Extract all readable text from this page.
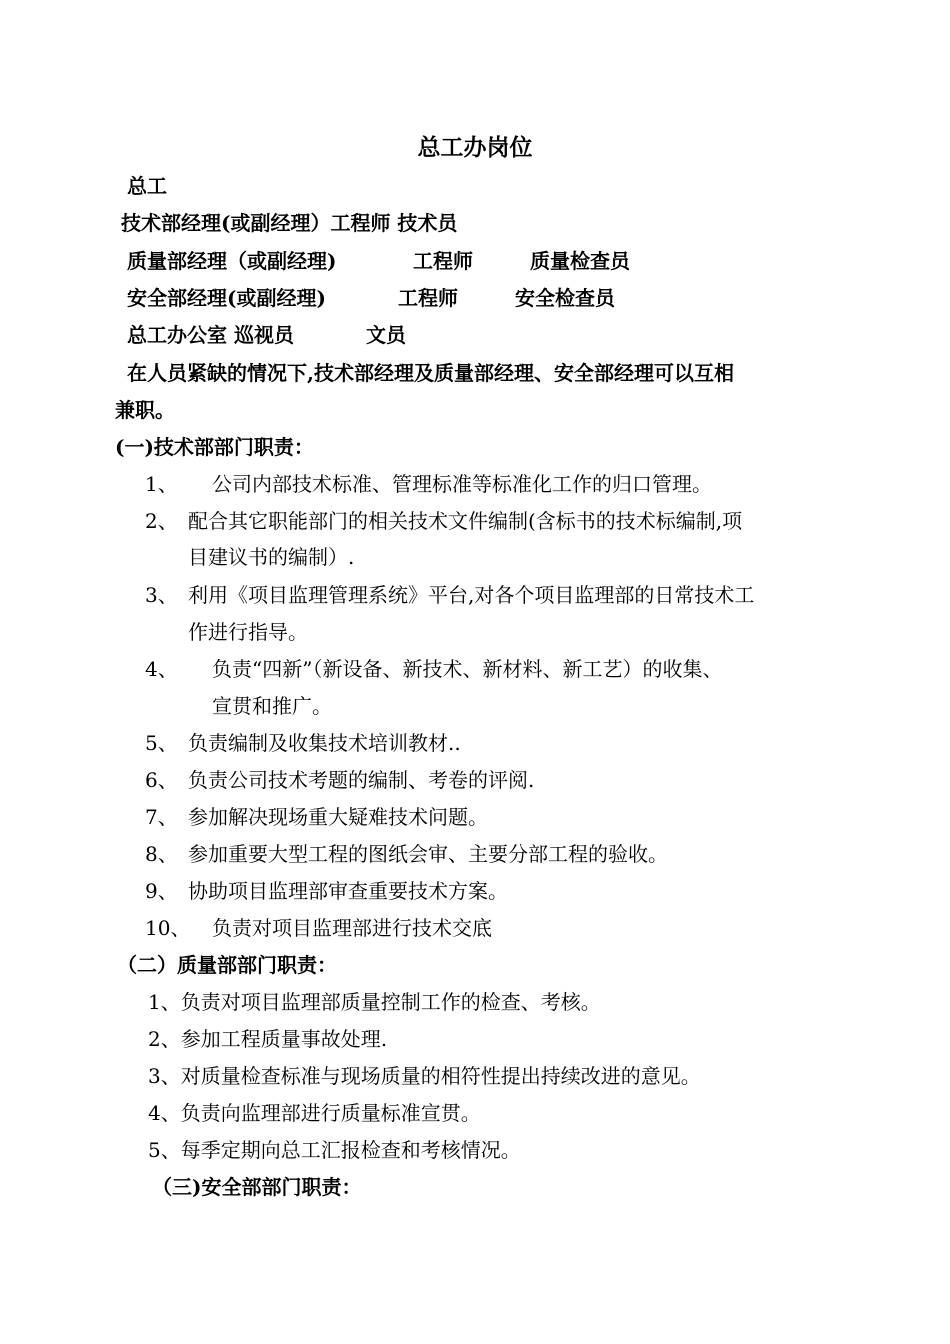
总工办岗位
总工
技术部经理(或副经理）工程师 技术员
质量部经理（或副经理)	工程师	质量检查员
安全部经理(或副经理)	工程师	安全检查员
总工办公室 巡视员	文员
在人员紧缺的情况下,技术部经理及质量部经理、安全部经理可以互相
兼职。
(一)技术部部门职责：
1、 公司内部技术标准、管理标准等标准化工作的归口管理。
2、 配合其它职能部门的相关技术文件编制(含标书的技术标编制,项
目建议书的编制）.
3、 利用《项目监理管理系统》平台,对各个项目监理部的日常技术工
作进行指导。
4、 负责“四新”（新设备、新技术、新材料、新工艺）的收集、
宣贯和推广。
5、 负责编制及收集技术培训教材..
6、 负责公司技术考题的编制、考卷的评阅.
7、 参加解决现场重大疑难技术问题。
8、 参加重要大型工程的图纸会审、主要分部工程的验收。
9、 协助项目监理部审查重要技术方案。
10、 负责对项目监理部进行技术交底
（二）质量部部门职责：
1、负责对项目监理部质量控制工作的检查、考核。
2、参加工程质量事故处理.
3、对质量检查标准与现场质量的相符性提出持续改进的意见。
4、负责向监理部进行质量标准宣贯。
5、每季定期向总工汇报检查和考核情况。
（三)安全部部门职责：
